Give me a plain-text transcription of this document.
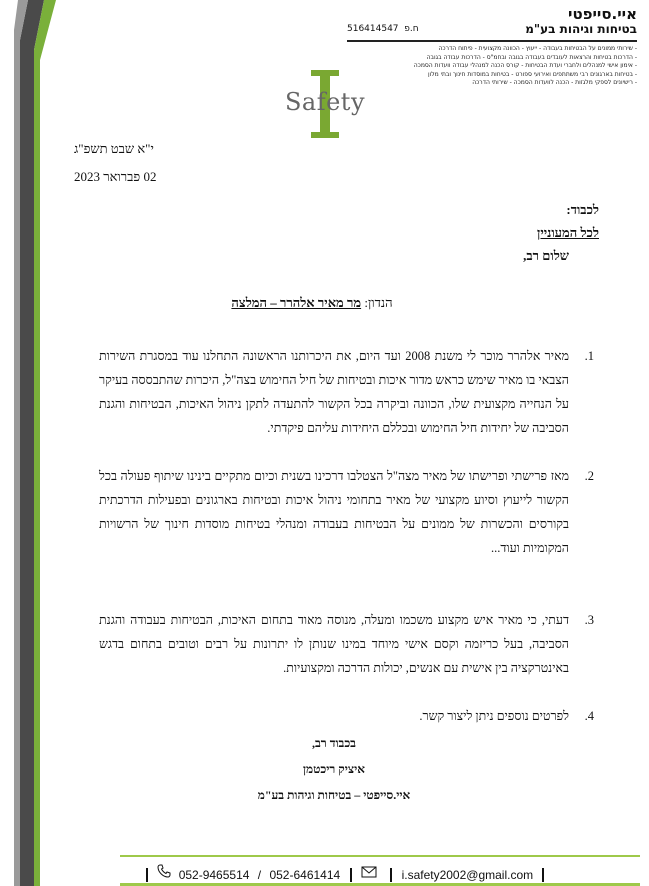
איי.סייפטי
בטיחות וגיהות בע"מ
ח.פ  516414547
- שירותי ממונים על הבטיחות בעבודה - ייעוץ - הכוונה מקצועית - פיתוח הדרכה
- הדרכות בטיחות והרצאות לעובדים בעבודה בגובה ובחמ"ס - הדרכות עבודה בגובה
- אימון אישי למנהלים ולחברי ועדת הבטיחות - קורס הכנה למנהלי עבודה וועדות הסמכה
- בטיחות בארגונים רבי משתתפים ואירועי ספורט - בטיחות במוסדות חינוך ובתי מלון
- רישיונים לספקי מלגזות - הכנה לוועדות הסמכה - שירותי הדרכה
Safety
י"א שבט תשפ"ג
02 פברואר 2023
לכבוד:
לכל המעוניין
שלום רב,
הנדון: מר מאיר אלהרר – המלצה
1.
מאיר אלהרר מוכר לי משנת 2008 ועד היום, את היכרותנו הראשונה התחלנו עוד במסגרת השירות הצבאי בו מאיר שימש כראש מדור איכות ובטיחות של חיל החימוש בצה"ל, היכרות שהתבססה בעיקר על הנחייה מקצועית שלו, הכוונה וביקרה בכל הקשור להתעדה לתקן ניהול האיכות, הבטיחות והגנת הסביבה של יחידות חיל החימוש ובכללם היחידות עליהם פיקדתי.
2.
מאז פרישתי ופרישתו של מאיר מצה"ל הצטלבו דרכינו בשנית וכיום מתקיים בינינו שיתוף פעולה בכל הקשור לייעוץ וסיוע מקצועי של מאיר בתחומי ניהול איכות ובטיחות בארגונים ובפעילות הדרכתית בקורסים והכשרות של ממונים על הבטיחות בעבודה ומנהלי בטיחות מוסדות חינוך של הרשויות המקומיות ועוד...
3.
דעתי, כי מאיר איש מקצוע משכמו ומעלה, מנוסה מאוד בתחום האיכות, הבטיחות בעבודה והגנת הסביבה, בעל כריזמה וקסם אישי מיוחד במינו שנותן לו יתרונות על רבים וטובים בתחום בדגש באינטרקציה בין אישית עם אנשים, יכולות הדרכה ומקצועיות.
4.
לפרטים נוספים ניתן ליצור קשר.
בכבוד רב,
איציק ריכטמן
איי.סייפטי – בטיחות וגיהות בע"מ
052-9465514 / 052-6461414	i.safety2002@gmail.com
